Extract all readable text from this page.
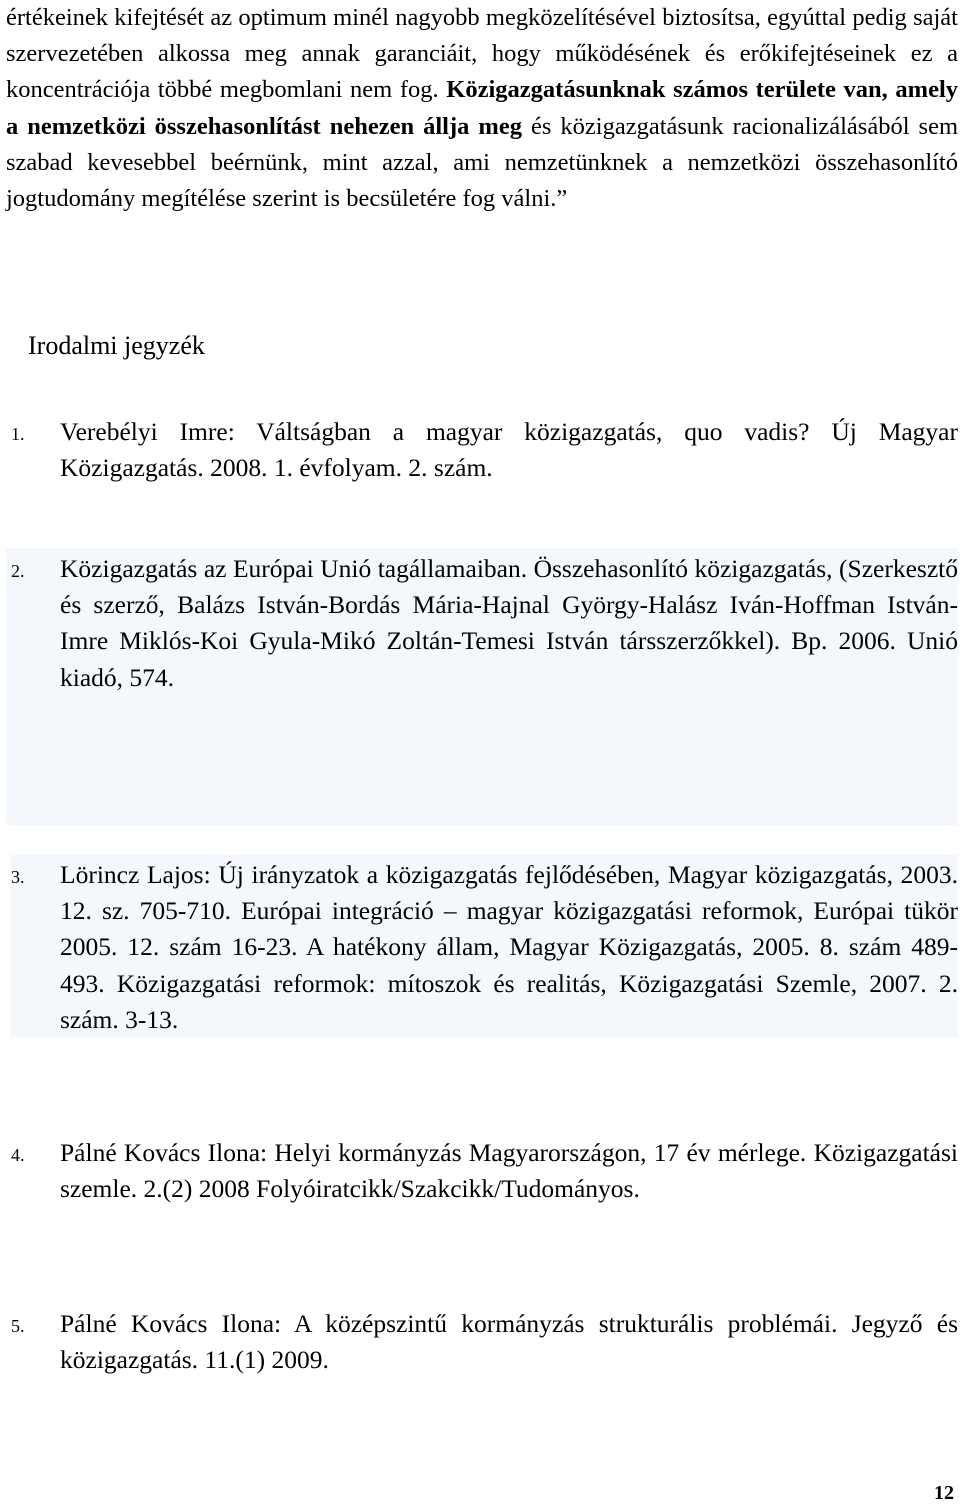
értékeinek kifejtését az optimum minél nagyobb megközelítésével biztosítsa, egyúttal pedig saját szervezetében alkossa meg annak garanciáit, hogy működésének és erőkifejtéseinek ez a koncentrációja többé megbomlani nem fog. Közigazgatásunknak számos területe van, amely a nemzetközi összehasonlítást nehezen állja meg és közigazgatásunk racionalizálásából sem szabad kevesebbel beérnünk, mint azzal, ami nemzetünknek a nemzetközi összehasonlító jogtudomány megítélése szerint is becsületére fog válni.”
Irodalmi jegyzék
1.	Verebélyi Imre: Váltságban a magyar közigazgatás, quo vadis? Új Magyar Közigazgatás. 2008. 1. évfolyam. 2. szám.
2.	Közigazgatás az Európai Unió tagállamaiban. Összehasonlító közigazgatás, (Szerkesztő és szerző, Balázs István-Bordás Mária-Hajnal György-Halász Iván-Hoffman István-Imre Miklós-Koi Gyula-Mikó Zoltán-Temesi István társszerzőkkel). Bp. 2006. Unió kiadó, 574.
3.	Lörincz Lajos: Új irányzatok a közigazgatás fejlődésében, Magyar közigazgatás, 2003. 12. sz. 705-710. Európai integráció – magyar közigazgatási reformok, Európai tükör 2005. 12. szám 16-23. A hatékony állam, Magyar Közigazgatás, 2005. 8. szám 489-493. Közigazgatási reformok: mítoszok és realitás, Közigazgatási Szemle, 2007. 2. szám. 3-13.
4.	Pálné Kovács Ilona: Helyi kormányzás Magyarországon, 17 év mérlege. Közigazgatási szemle. 2.(2) 2008 Folyóiratcikk/Szakcikk/Tudományos.
5.	Pálné Kovács Ilona: A középszintű kormányzás strukturális problémái. Jegyző és közigazgatás. 11.(1) 2009.
12
